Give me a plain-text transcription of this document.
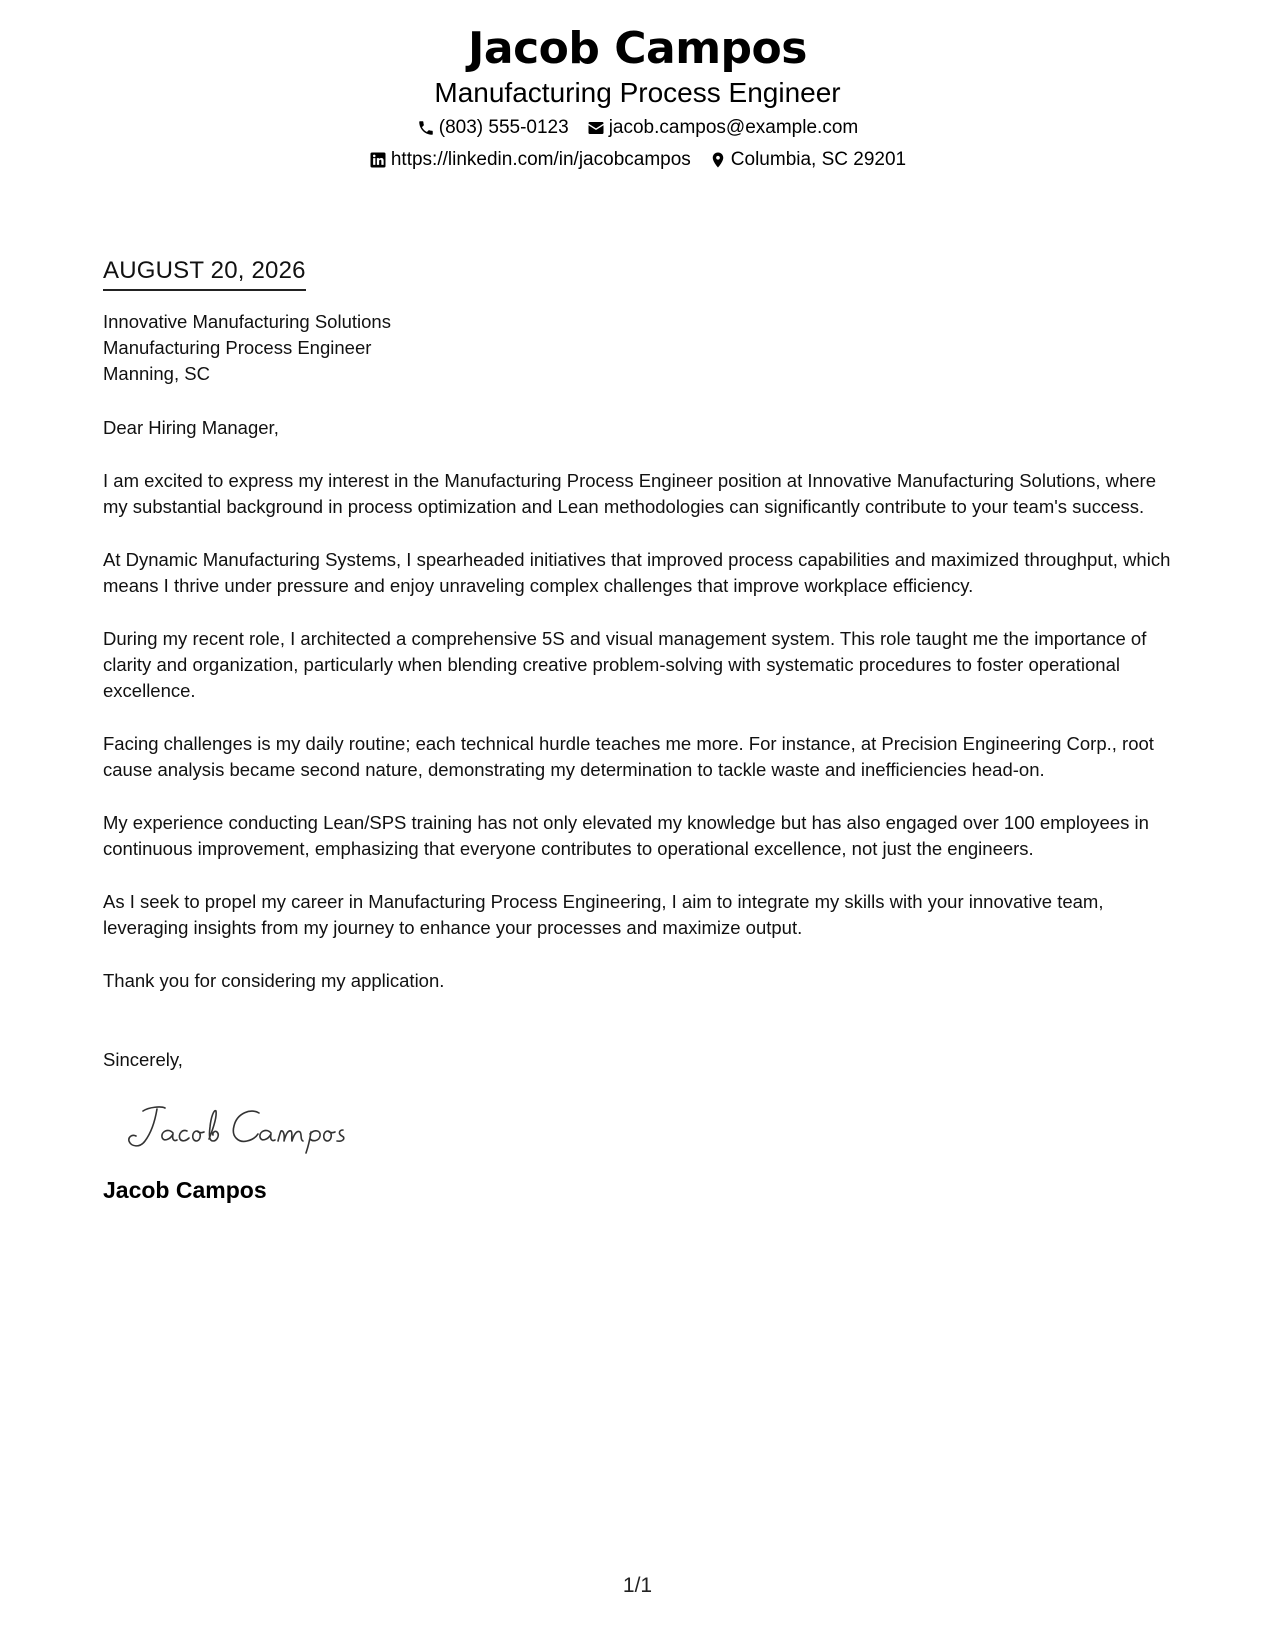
Jacob Campos
Manufacturing Process Engineer
(803) 555-0123 jacob.campos@example.com
https://linkedin.com/in/jacobcampos Columbia, SC 29201
AUGUST 20, 2026
Innovative Manufacturing Solutions
Manufacturing Process Engineer
Manning, SC
Dear Hiring Manager,

I am excited to express my interest in the Manufacturing Process Engineer position at Innovative Manufacturing Solutions, where my substantial background in process optimization and Lean methodologies can significantly contribute to your team's success.

At Dynamic Manufacturing Systems, I spearheaded initiatives that improved process capabilities and maximized throughput, which means I thrive under pressure and enjoy unraveling complex challenges that improve workplace efficiency.

During my recent role, I architected a comprehensive 5S and visual management system. This role taught me the importance of clarity and organization, particularly when blending creative problem-solving with systematic procedures to foster operational excellence.

Facing challenges is my daily routine; each technical hurdle teaches me more. For instance, at Precision Engineering Corp., root cause analysis became second nature, demonstrating my determination to tackle waste and inefficiencies head-on.

My experience conducting Lean/SPS training has not only elevated my knowledge but has also engaged over 100 employees in continuous improvement, emphasizing that everyone contributes to operational excellence, not just the engineers.

As I seek to propel my career in Manufacturing Process Engineering, I aim to integrate my skills with your innovative team, leveraging insights from my journey to enhance your processes and maximize output.

Thank you for considering my application.

Sincerely,
Jacob Campos
1/1
